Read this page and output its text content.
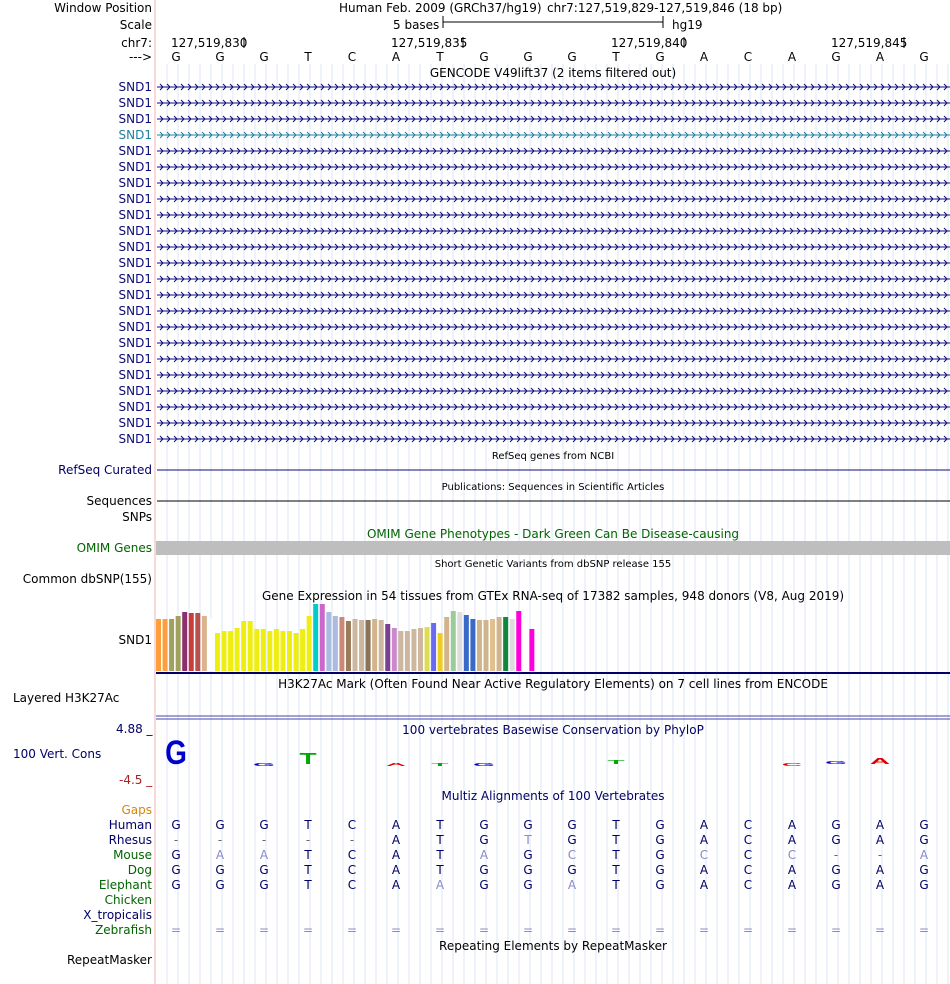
G G T A T G	T	C G A
Window Position	Human Feb. 2009 (GRCh37/hg19) chr7:127,519,829-127,519,846 (18 bp)
Scale	5 bases	hg19
chr7: 127,519,830	127,519,835	127,519,840	127,519,845
--->	G	G	G	T	C	A	T	G	G	G	T	G	A	C	A	G	A	G
GENCODE V49lift37 (2 items filtered out)
SND1
SND1
SND1
SND1
SND1
SND1
SND1
SND1
SND1
SND1
SND1
SND1
SND1
SND1
SND1
SND1
SND1
SND1
SND1
SND1
SND1
SND1
SND1
RefSeq genes from NCBI
RefSeq Curated
Publications: Sequences in Scientific Articles
Sequences
SNPs
OMIM Gene Phenotypes - Dark Green Can Be Disease-causing
OMIM Genes
Short Genetic Variants from dbSNP release 155
Common dbSNP(155)
Gene Expression in 54 tissues from GTEx RNA-seq of 17382 samples, 948 donors (V8, Aug 2019)
SND1
H3K27Ac Mark (Often Found Near Active Regulatory Elements) on 7 cell lines from ENCODE
Layered H3K27Ac
100 vertebrates Basewise Conservation by PhyloP
4.88 _
100 Vert. Cons
-4.5 _
Multiz Alignments of 100 Vertebrates
Gaps
Human	G	G	G	T	C	A	T	G	G	G	T	G	A	C	A	G	A	G
Rhesus	-	-	-	-	-	A	T	G	T	G	T	G	A	C	A	G	A	G
Mouse	G	A	A	T	C	A	T	A	G	C	T	G	C	C	C	-	-	A
Dog	G	G	G	T	C	A	T	G	G	G	T	G	A	C	A	G	A	G
Elephant	G	G	G	T	C	A	A	G	G	A	T	G	A	C	A	G	A	G
Chicken
X_tropicalis
Zebrafish	=	=	=	=	=	=	=	=	=	=	=	=	=	=	=	=	=	=
Repeating Elements by RepeatMasker
RepeatMasker
